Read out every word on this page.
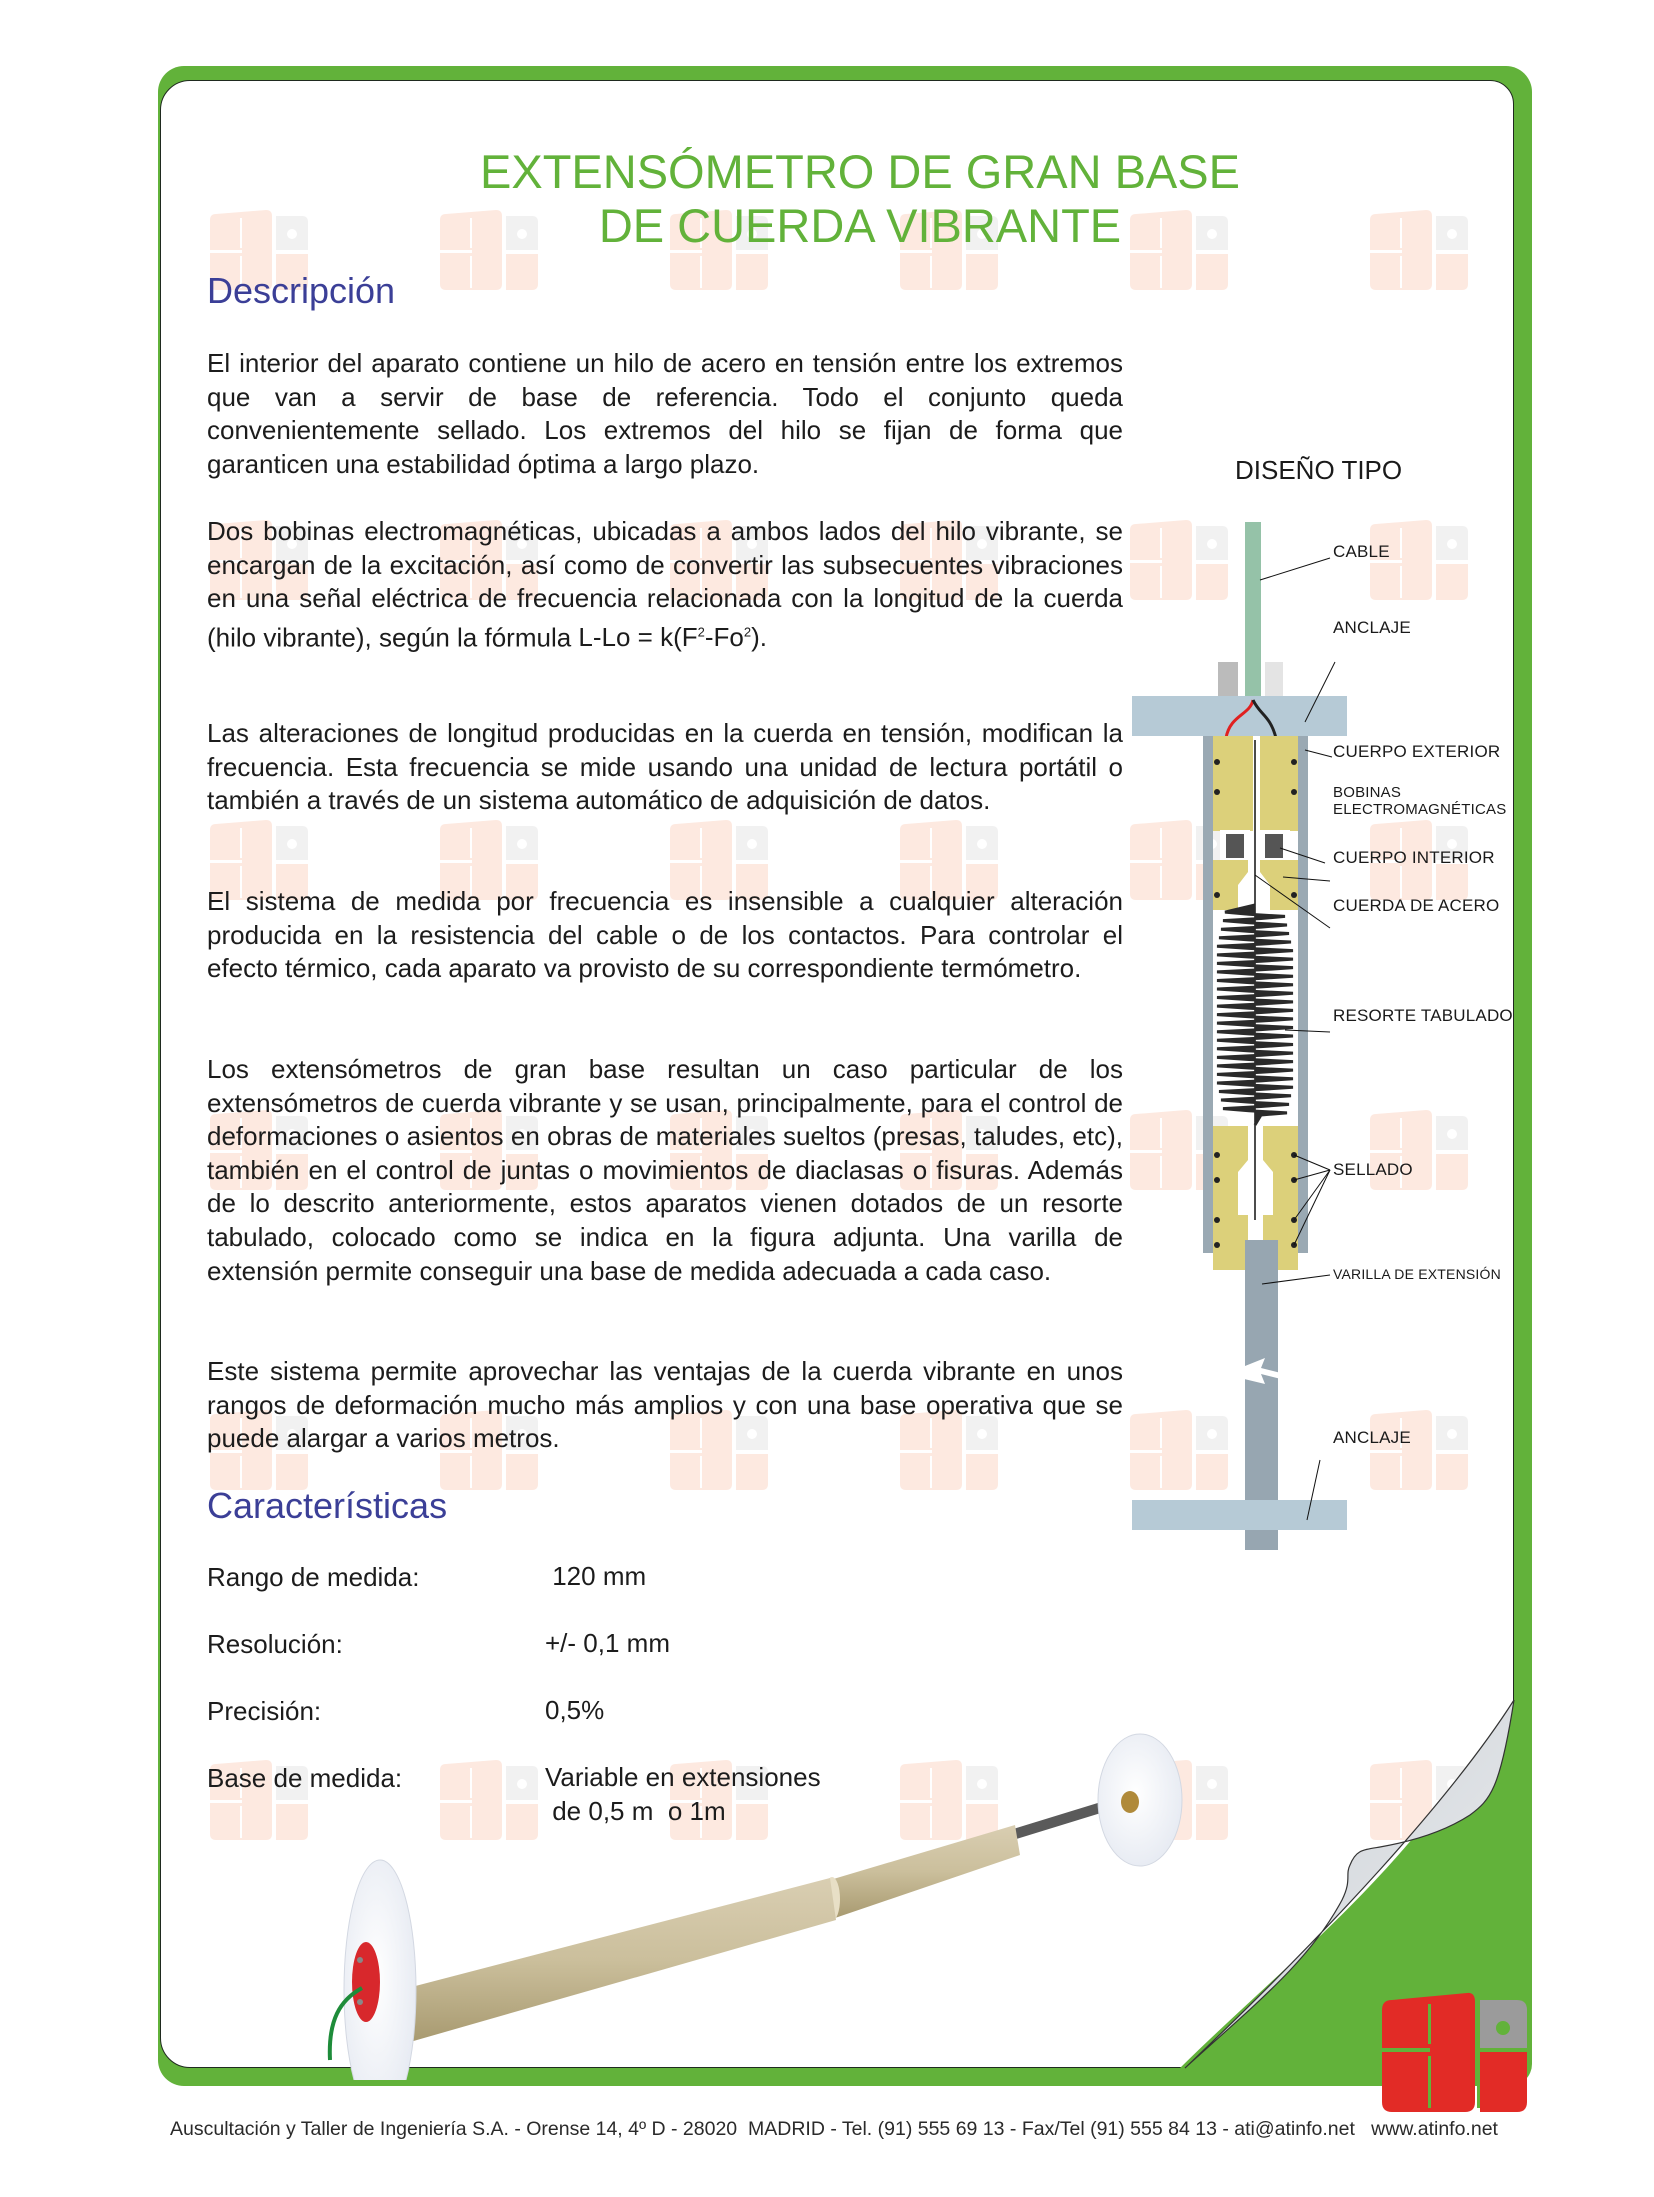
EXTENSÓMETRO DE GRAN BASE
DE CUERDA VIBRANTE
Descripción

El interior del aparato contiene un hilo de acero en tensión entre los extremos que van a servir de base de referencia. Todo el conjunto queda convenientemente sellado. Los extremos del hilo se fijan de forma que garanticen una estabilidad óptima a largo plazo.

Dos bobinas electromagnéticas, ubicadas a ambos lados del hilo vibrante, se encargan de la excitación, así como de convertir las subsecuentes vibraciones en una señal eléctrica de frecuencia relacionada con la longitud de la cuerda (hilo vibrante), según la fórmula $L-Lo = k(F^2-Fo^2)$.

Las alteraciones de longitud producidas en la cuerda en tensión, modifican la frecuencia. Esta frecuencia se mide usando una unidad de lectura portátil o también a través de un sistema automático de adquisición de datos.

El sistema de medida por frecuencia es insensible a cualquier alteración producida en la resistencia del cable o de los contactos. Para controlar el efecto térmico, cada aparato va provisto de su correspondiente termómetro.

Los extensómetros de gran base resultan un caso particular de los extensómetros de cuerda vibrante y se usan, principalmente, para el control de deformaciones o asientos en obras de materiales sueltos (presas, taludes, etc), también en el control de juntas o movimientos de diaclasas o fisuras. Además de lo descrito anteriormente, estos aparatos vienen dotados de un resorte tabulado, colocado como se indica en la figura adjunta. Una varilla de extensión permite conseguir una base de medida adecuada a cada caso.

Este sistema permite aprovechar las ventajas de la cuerda vibrante en unos rangos de deformación mucho más amplios y con una base operativa que se puede alargar a varios metros.

Características
Rango de medida:	120 mm
Resolución:	+/- 0,1 mm
Precisión:	0,5%
Base de medida:	Variable en extensiones
de 0,5 m  o 1m
DISEÑO TIPO
CABLE
ANCLAJE
CUERPO EXTERIOR
BOBINAS
ELECTROMAGNÉTICAS
CUERPO INTERIOR
CUERDA DE ACERO
RESORTE TABULADO
SELLADO
VARILLA DE EXTENSIÓN
ANCLAJE
Auscultación y Taller de Ingeniería S.A. - Orense 14, 4º D - 28020  MADRID - Tel. (91) 555 69 13 - Fax/Tel (91) 555 84 13 - ati@atinfo.net   www.atinfo.net
